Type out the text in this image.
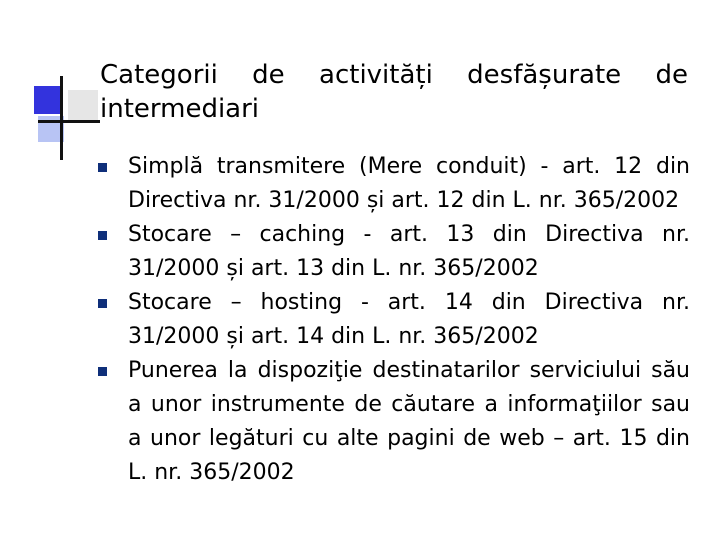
Categorii de activități desfășurate de
intermediari
Simplă transmitere (Mere conduit) - art. 12 din Directiva nr. 31/2000 și art. 12 din L. nr. 365/2002
Stocare – caching - art. 13 din Directiva nr. 31/2000 și art. 13 din L. nr. 365/2002
Stocare – hosting - art. 14 din Directiva nr. 31/2000 și art. 14 din L. nr. 365/2002
Punerea la dispoziţie destinatarilor serviciului său a unor instrumente de căutare a informaţiilor sau a unor legături cu alte pagini de web – art. 15 din L. nr. 365/2002
